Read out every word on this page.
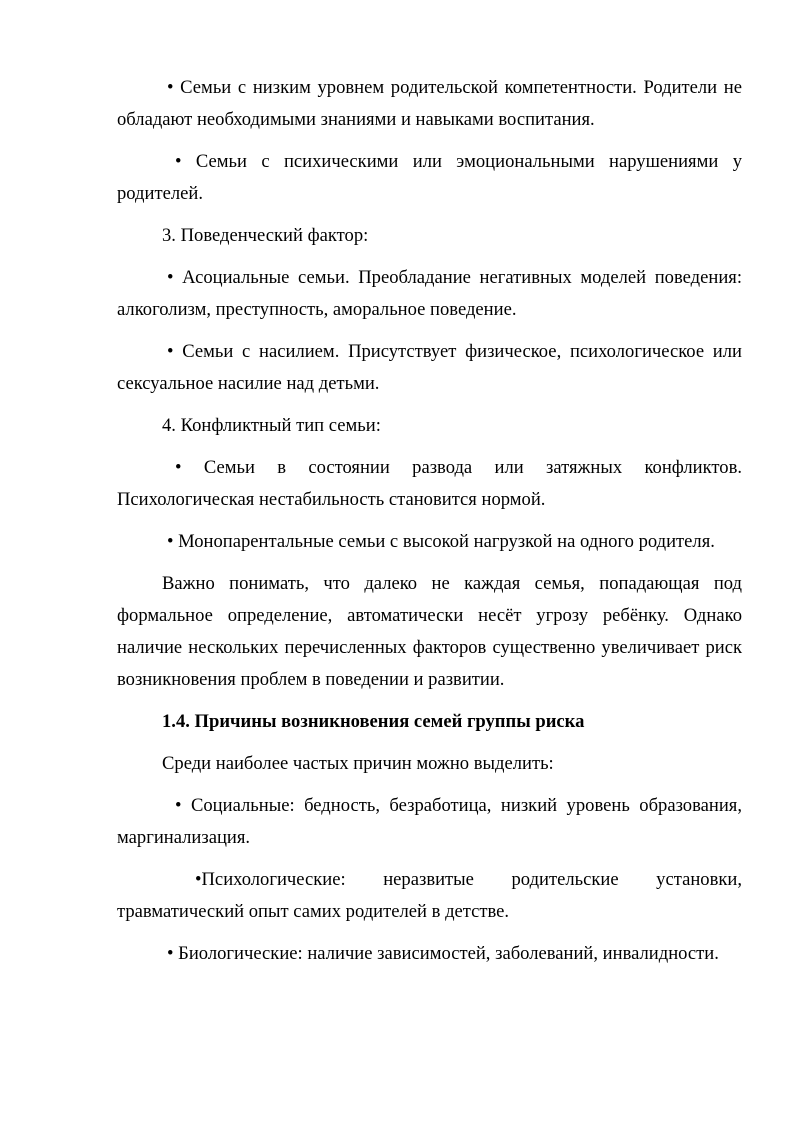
• Семьи с низким уровнем родительской компетентности. Родители не обладают необходимыми знаниями и навыками воспитания.

• Семьи с психическими или эмоциональными нарушениями у родителей.

3. Поведенческий фактор:

• Асоциальные семьи. Преобладание негативных моделей поведения: алкоголизм, преступность, аморальное поведение.

• Семьи с насилием. Присутствует физическое, психологическое или сексуальное насилие над детьми.

4. Конфликтный тип семьи:

• Семьи в состоянии развода или затяжных конфликтов. Психологическая нестабильность становится нормой.

• Монопарентальные семьи с высокой нагрузкой на одного родителя.

Важно понимать, что далеко не каждая семья, попадающая под формальное определение, автоматически несёт угрозу ребёнку. Однако наличие нескольких перечисленных факторов существенно увеличивает риск возникновения проблем в поведении и развитии.

1.4. Причины возникновения семей группы риска

Среди наиболее частых причин можно выделить:

• Социальные: бедность, безработица, низкий уровень образования, маргинализация.

•Психологические: неразвитые родительские установки, травматический опыт самих родителей в детстве.

• Биологические: наличие зависимостей, заболеваний, инвалидности.
